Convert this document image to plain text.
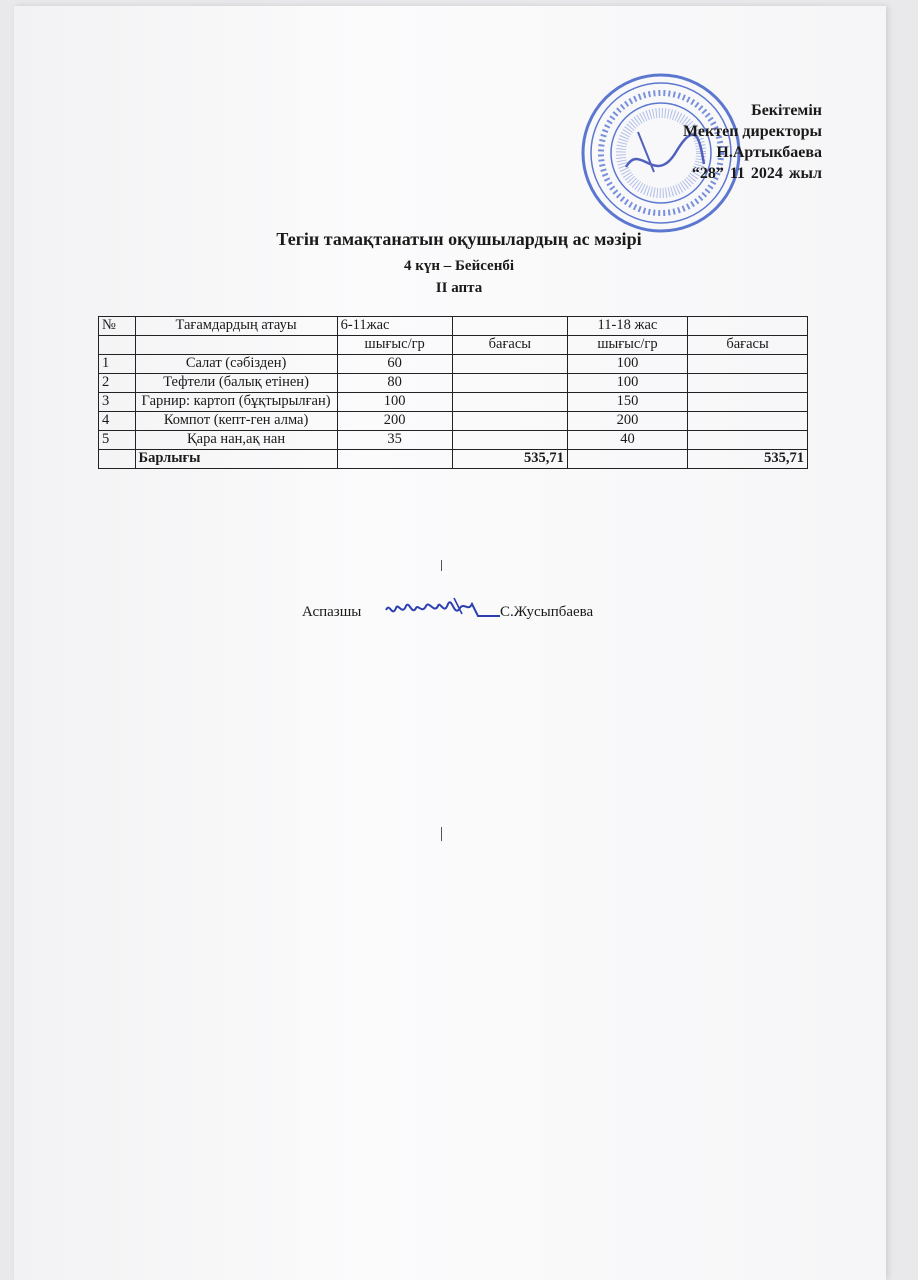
Бекітемін
Мектеп директоры
Н.Артыкбаева
“28” 11 2024 жыл
Тегін тамақтанатын оқушылардың ас мәзірі
4 күн – Бейсенбі
II апта
№	Тағамдардың атауы	6-11жас		11-18 жас	
		шығыс/гр	бағасы	шығыс/гр	бағасы
1	Салат (сәбізден)	60		100	
2	Тефтели (балық етінен)	80		100	
3	Гарнир: картоп (бұқтырылған)	100		150	
4	Компот (кепт-ген алма)	200		200	
5	Қара нан,ақ нан	35		40	
	Барлығы		535,71		535,71
Аспазшы	С.Жусыпбаева
